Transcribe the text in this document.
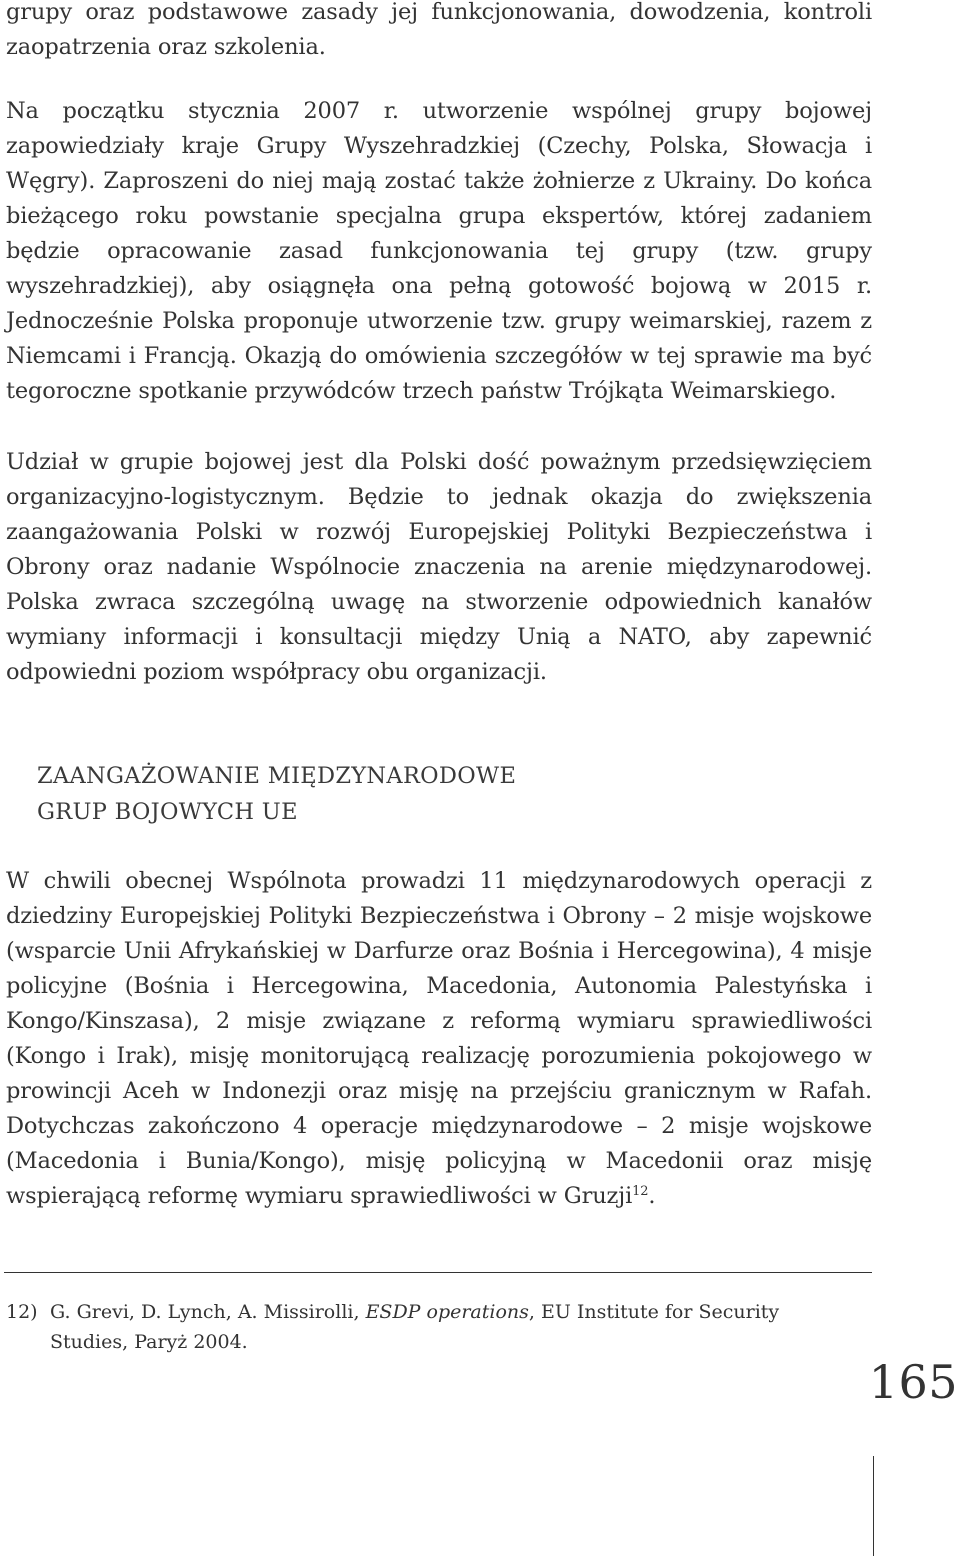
grupy oraz podstawowe zasady jej funkcjonowania, dowodzenia, kontroli zaopatrzenia oraz szkolenia.

Na początku stycznia 2007 r. utworzenie wspólnej grupy bojowej zapowiedziały kraje Grupy Wyszehradzkiej (Czechy, Polska, Słowacja i Węgry). Zaproszeni do niej mają zostać także żołnierze z Ukrainy. Do końca bieżącego roku powstanie specjalna grupa ekspertów, której zadaniem będzie opracowanie zasad funkcjonowania tej grupy (tzw. grupy wyszehradzkiej), aby osiągnęła ona pełną gotowość bojową w 2015 r. Jednocześnie Polska proponuje utworzenie tzw. grupy weimarskiej, razem z Niemcami i Francją. Okazją do omówienia szczegółów w tej sprawie ma być tegoroczne spotkanie przywódców trzech państw Trójkąta Weimarskiego.

Udział w grupie bojowej jest dla Polski dość poważnym przedsięwzięciem organizacyjno-logistycznym. Będzie to jednak okazja do zwiększenia zaangażowania Polski w rozwój Europejskiej Polityki Bezpieczeństwa i Obrony oraz nadanie Wspólnocie znaczenia na arenie międzynarodowej. Polska zwraca szczególną uwagę na stworzenie odpowiednich kanałów wymiany informacji i konsultacji między Unią a NATO, aby zapewnić odpowiedni poziom współpracy obu organizacji.

ZAANGAŻOWANIE MIĘDZYNARODOWE
GRUP BOJOWYCH UE

W chwili obecnej Wspólnota prowadzi 11 międzynarodowych operacji z dziedziny Europejskiej Polityki Bezpieczeństwa i Obrony – 2 misje wojskowe (wsparcie Unii Afrykańskiej w Darfurze oraz Bośnia i Hercegowina), 4 misje policyjne (Bośnia i Hercegowina, Macedonia, Autonomia Palestyńska i Kongo/Kinszasa), 2 misje związane z reformą wymiaru sprawiedliwości (Kongo i Irak), misję monitorującą realizację porozumienia pokojowego w prowincji Aceh w Indonezji oraz misję na przejściu granicznym w Rafah. Dotychczas zakończono 4 operacje międzynarodowe – 2 misje wojskowe (Macedonia i Bunia/Kongo), misję policyjną w Macedonii oraz misję wspierającą reformę wymiaru sprawiedliwości w Gruzji$^{12}$.

12) G. Grevi, D. Lynch, A. Missirolli, ESDP operations, EU Institute for Security
Studies, Paryż 2004.

165
